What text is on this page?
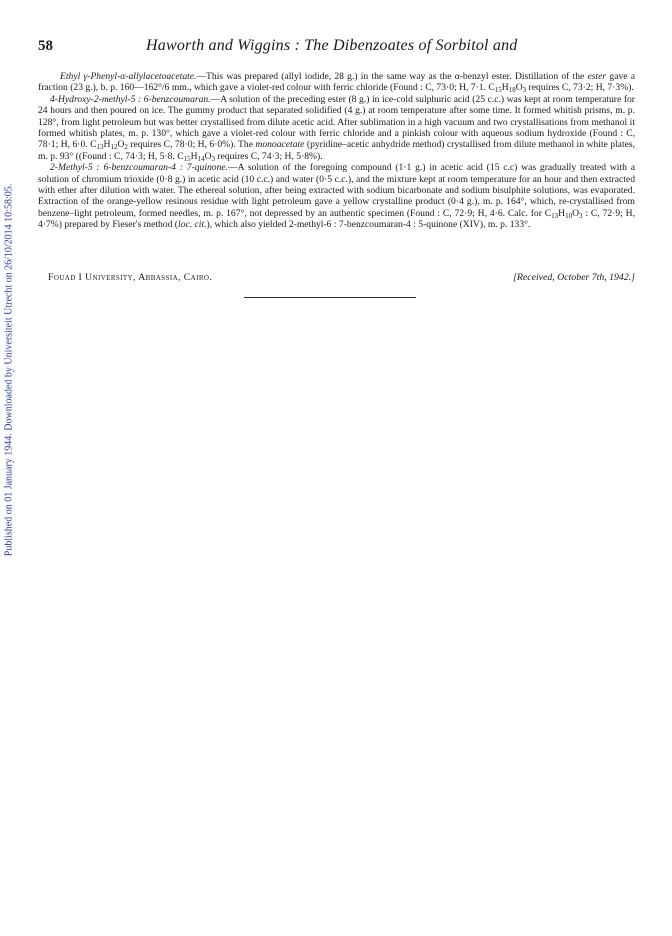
Published on 01 January 1944. Downloaded by Universiteit Utrecht on 26/10/2014 10:58:05.
58	Haworth and Wiggins : The Dibenzoates of Sorbitol and

Ethyl γ-Phenyl-α-allylacetoacetate.—This was prepared (allyl iodide, 28 g.) in the same way as the α-benzyl ester. Distillation of the ester gave a fraction (23 g.), b. p. 160—162°/6 mm., which gave a violet-red colour with ferric chloride (Found : C, 73·0; H, 7·1. $C_{15}H_{18}O_3$ requires C, 73·2; H, 7·3%).

4-Hydroxy-2-methyl-5 : 6-benzcoumaran.—A solution of the preceding ester (8 g.) in ice-cold sulphuric acid (25 c.c.) was kept at room temperature for 24 hours and then poured on ice. The gummy product that separated solidified (4 g.) at room temperature after some time. It formed whitish prisms, m. p. 128°, from light petroleum but was better crystallised from dilute acetic acid. After sublimation in a high vacuum and two crystallisations from methanol it formed whitish plates, m. p. 130°, which gave a violet-red colour with ferric chloride and a pinkish colour with aqueous sodium hydroxide (Found : C, 78·1; H, 6·0. $C_{13}H_{12}O_2$ requires C, 78·0; H, 6·0%). The monoacetate (pyridine–acetic anhydride method) crystallised from dilute methanol in white plates, m. p. 93° ((Found : C, 74·3; H, 5·8. $C_{15}H_{14}O_3$ requires C, 74·3; H, 5·8%).

2-Methyl-5 : 6-benzcoumaran-4 : 7-quinone.—A solution of the foregoing compound (1·1 g.) in acetic acid (15 c.c) was gradually treated with a solution of chromium trioxide (0·8 g.) in acetic acid (10 c.c.) and water (0·5 c.c.), and the mixture kept at room temperature for an hour and then extracted with ether after dilution with water. The ethereal solution, after being extracted with sodium bicarbonate and sodium bisulphite solutions, was evaporated. Extraction of the orange-yellow resinous residue with light petroleum gave a yellow crystalline product (0·4 g.), m. p. 164°, which, re-crystallised from benzene–light petroleum, formed needles, m. p. 167°, not depressed by an authentic specimen (Found : C, 72·9; H, 4·6. Calc. for $C_{13}H_{10}O_3$ : C, 72·9; H, 4·7%) prepared by Fieser's method (loc. cit.), which also yielded 2-methyl-6 : 7-benzcoumaran-4 : 5-quinone (XIV), m. p. 133°.

Fouad I University, Abbassia, Cairo.	[Received, October 7th, 1942.]
